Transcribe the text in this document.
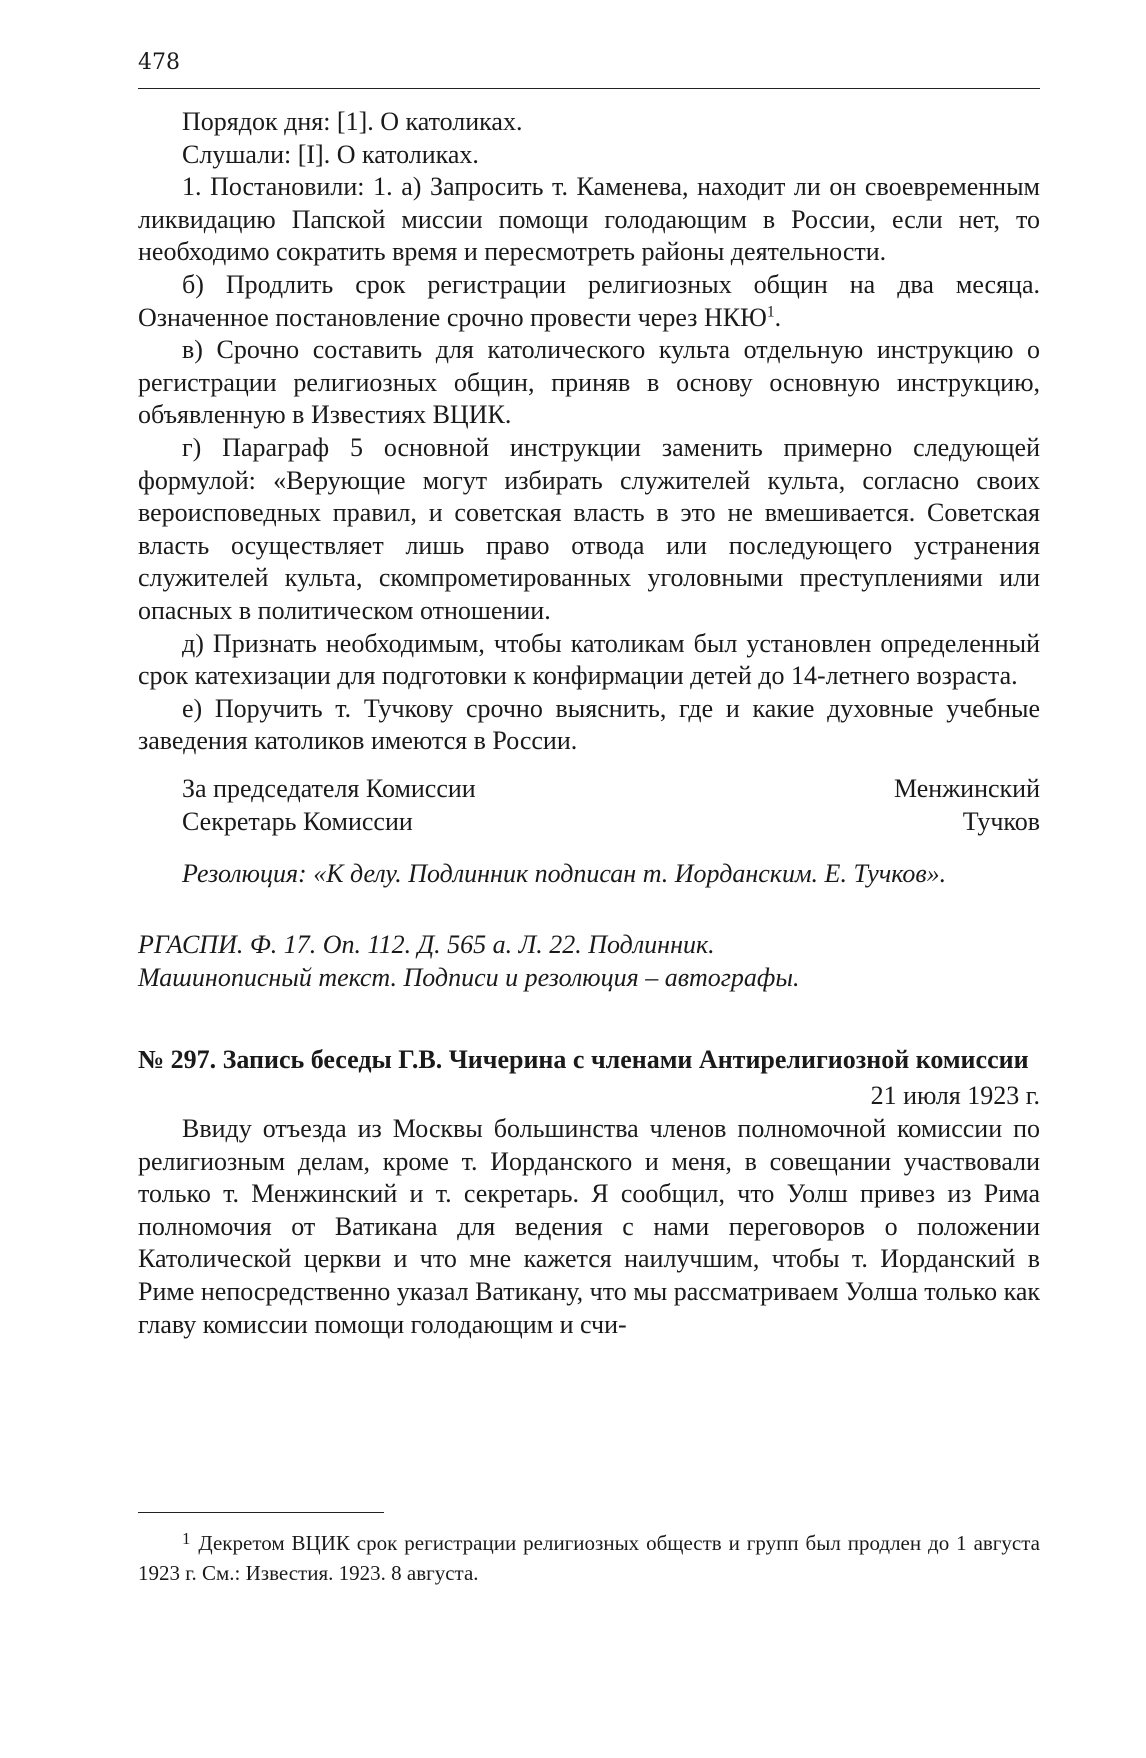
478

Порядок дня: [1]. О католиках.

Слушали: [I]. О католиках.

1. Постановили: 1. а) Запросить т. Каменева, находит ли он своевременным ликвидацию Папской миссии помощи голодающим в России, если нет, то необходимо сократить время и пересмотреть районы деятельности.

б) Продлить срок регистрации религиозных общин на два месяца. Означенное постановление срочно провести через НКЮ$^1$.

в) Срочно составить для католического культа отдельную инструкцию о регистрации религиозных общин, приняв в основу основную инструкцию, объявленную в Известиях ВЦИК.

г) Параграф 5 основной инструкции заменить примерно следующей формулой: «Верующие могут избирать служителей культа, согласно своих вероисповедных правил, и советская власть в это не вмешивается. Советская власть осуществляет лишь право отвода или последующего устранения служителей культа, скомпрометированных уголовными преступлениями или опасных в политическом отношении.

д) Признать необходимым, чтобы католикам был установлен определенный срок катехизации для подготовки к конфирмации детей до 14-летнего возраста.

е) Поручить т. Тучкову срочно выяснить, где и какие духовные учебные заведения католиков имеются в России.

За председателя Комиссии	Менжинский
Секретарь Комиссии	Тучков
Резолюция: «К делу. Подлинник подписан т. Иорданским. Е. Тучков».
РГАСПИ. Ф. 17. Оп. 112. Д. 565 а. Л. 22. Подлинник.
Машинописный текст. Подписи и резолюция – автографы.
№ 297. Запись беседы Г.В. Чичерина с членами Антирелигиозной комиссии
21 июля 1923 г.

Ввиду отъезда из Москвы большинства членов полномочной комиссии по религиозным делам, кроме т. Иорданского и меня, в совещании участвовали только т. Менжинский и т. секретарь. Я сообщил, что Уолш привез из Рима полномочия от Ватикана для ведения с нами переговоров о положении Католической церкви и что мне кажется наилучшим, чтобы т. Иорданский в Риме непосредственно указал Ватикану, что мы рассматриваем Уолша только как главу комиссии помощи голодающим и счи-

$^1$ Декретом ВЦИК срок регистрации религиозных обществ и групп был продлен до 1 августа 1923 г. См.: Известия. 1923. 8 августа.
